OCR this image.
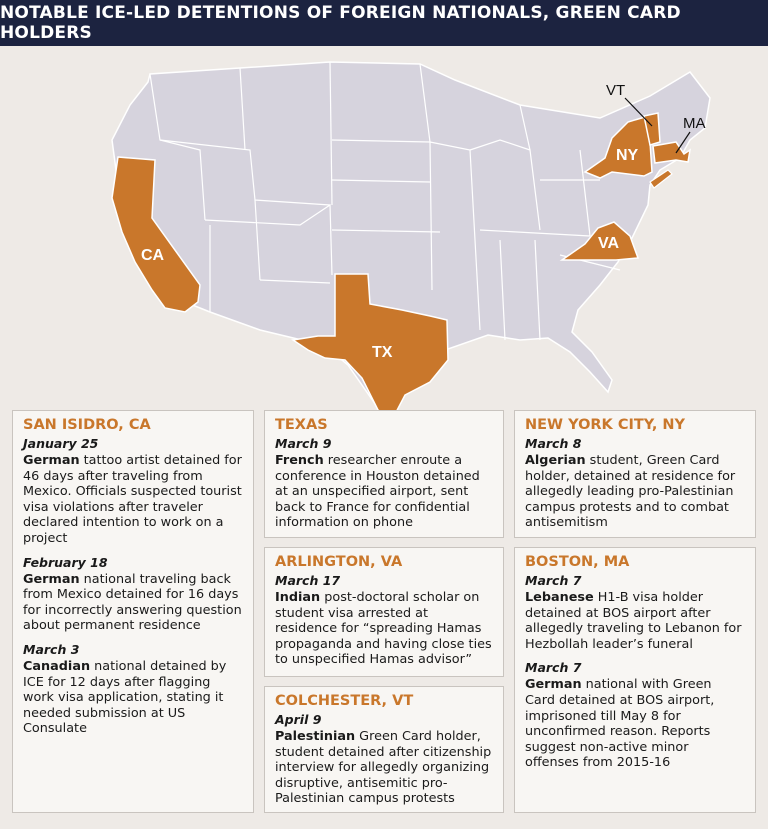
NOTABLE ICE-LED DETENTIONS OF FOREIGN NATIONALS, GREEN CARD HOLDERS
CA
TX
NY
VA
VT
MA
SAN ISIDRO, CA
January 25
German tattoo artist detained for 46 days after traveling from Mexico. Officials suspected tourist visa violations after traveler declared intention to work on a project
February 18
German national traveling back from Mexico detained for 16 days for incorrectly answering question about permanent residence
March 3
Canadian national detained by ICE for 12 days after flagging work visa application, stating it needed submission at US Consulate
TEXAS
March 9
French researcher enroute a conference in Houston detained at an unspecified airport, sent back to France for confidential information on phone
ARLINGTON, VA
March 17
Indian post-doctoral scholar on student visa arrested at residence for “spreading Hamas propaganda and having close ties to unspecified Hamas advisor”
COLCHESTER, VT
April 9
Palestinian Green Card holder, student detained after citizenship interview for allegedly organizing disruptive, antisemitic pro-Palestinian campus protests
NEW YORK CITY, NY
March 8
Algerian student, Green Card holder, detained at residence for allegedly leading pro-Palestinian campus protests and to combat antisemitism
BOSTON, MA
March 7
Lebanese H1-B visa holder detained at BOS airport after allegedly traveling to Lebanon for Hezbollah leader’s funeral
March 7
German national with Green Card detained at BOS airport, imprisoned till May 8 for unconfirmed reason. Reports suggest non-active minor offenses from 2015-16
